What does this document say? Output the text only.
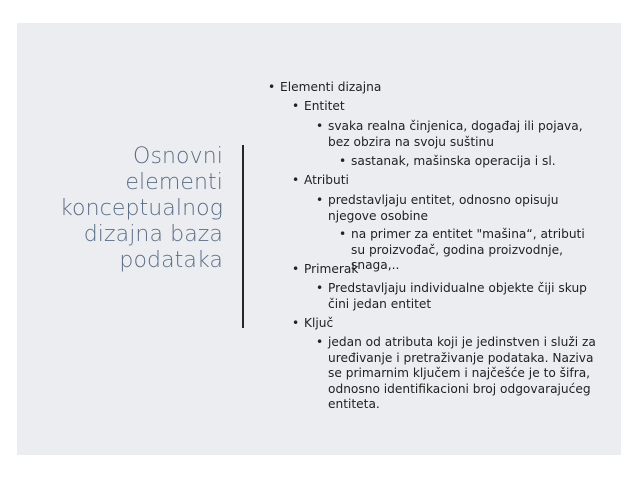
Osnovni
elementi
konceptualnog
dizajna baza
podataka
• Elementi dizajna
• Entitet
• svaka realna činjenica, događaj ili pojava, bez obzira na svoju suštinu
• sastanak, mašinska operacija i sl.
• Atributi
• predstavljaju entitet, odnosno opisuju njegove osobine
• na primer za entitet "mašina“, atributi su proizvođač, godina proizvodnje, snaga,..
• Primerak
• Predstavljaju individualne objekte čiji skup čini jedan entitet
• Ključ
• jedan od atributa koji je jedinstven i služi za uređivanje i pretraživanje podataka. Naziva se primarnim ključem i najčešće je to šifra, odnosno identifikacioni broj odgovarajućeg entiteta.
